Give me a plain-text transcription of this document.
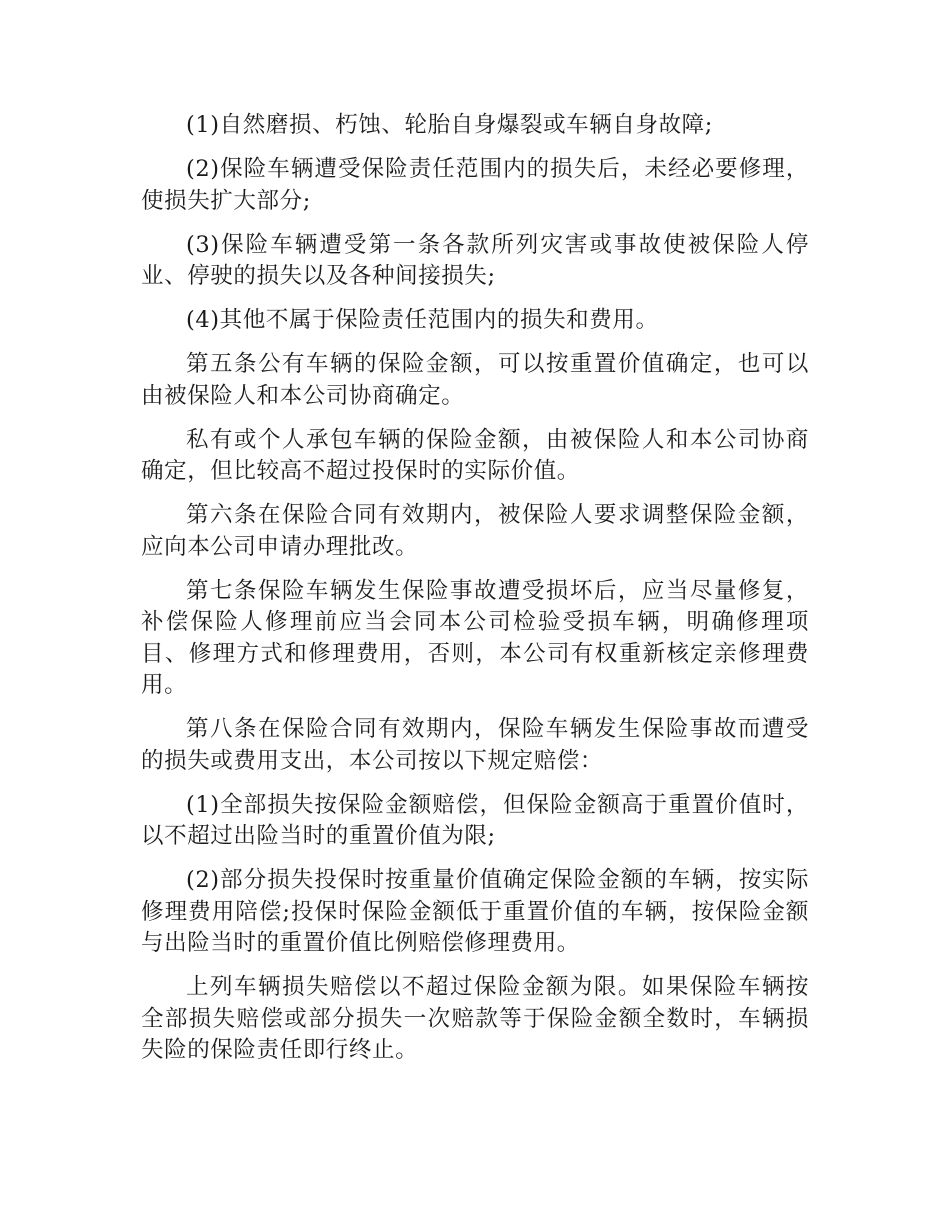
(1)自然磨损、朽蚀、轮胎自身爆裂或车辆自身故障;

(2)保险车辆遭受保险责任范围内的损失后，未经必要修理，使损失扩大部分;

(3)保险车辆遭受第一条各款所列灾害或事故使被保险人停业、停驶的损失以及各种间接损失;

(4)其他不属于保险责任范围内的损失和费用。

第五条公有车辆的保险金额，可以按重置价值确定，也可以由被保险人和本公司协商确定。

私有或个人承包车辆的保险金额，由被保险人和本公司协商确定，但比较高不超过投保时的实际价值。

第六条在保险合同有效期内，被保险人要求调整保险金额，应向本公司申请办理批改。

第七条保险车辆发生保险事故遭受损坏后，应当尽量修复，补偿保险人修理前应当会同本公司检验受损车辆，明确修理项目、修理方式和修理费用，否则，本公司有权重新核定亲修理费用。

第八条在保险合同有效期内，保险车辆发生保险事故而遭受的损失或费用支出，本公司按以下规定赔偿：

(1)全部损失按保险金额赔偿，但保险金额高于重置价值时，以不超过出险当时的重置价值为限;

(2)部分损失投保时按重量价值确定保险金额的车辆，按实际修理费用陪偿;投保时保险金额低于重置价值的车辆，按保险金额与出险当时的重置价值比例赔偿修理费用。

上列车辆损失赔偿以不超过保险金额为限。如果保险车辆按全部损失赔偿或部分损失一次赔款等于保险金额全数时，车辆损失险的保险责任即行终止。
